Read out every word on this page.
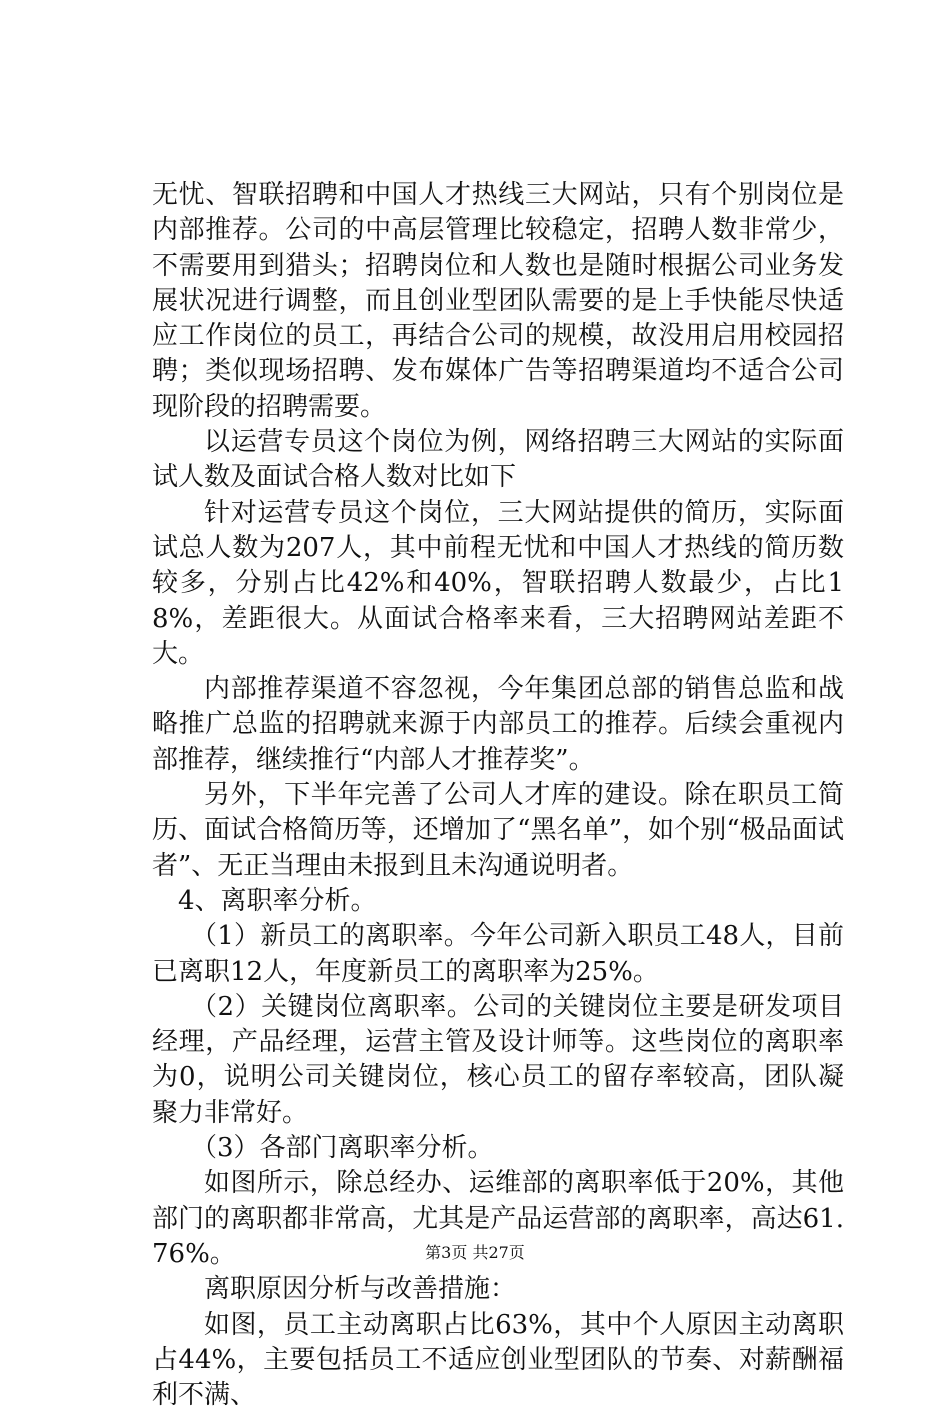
无忧、智联招聘和中国人才热线三大网站，只有个别岗位是内部推荐。公司的中高层管理比较稳定，招聘人数非常少，不需要用到猎头；招聘岗位和人数也是随时根据公司业务发展状况进行调整，而且创业型团队需要的是上手快能尽快适应工作岗位的员工，再结合公司的规模，故没用启用校园招聘；类似现场招聘、发布媒体广告等招聘渠道均不适合公司现阶段的招聘需要。

以运营专员这个岗位为例，网络招聘三大网站的实际面试人数及面试合格人数对比如下

针对运营专员这个岗位，三大网站提供的简历，实际面试总人数为207人，其中前程无忧和中国人才热线的简历数较多，分别占比42%和40%，智联招聘人数最少，占比18%，差距很大。从面试合格率来看，三大招聘网站差距不大。

内部推荐渠道不容忽视，今年集团总部的销售总监和战略推广总监的招聘就来源于内部员工的推荐。后续会重视内部推荐，继续推行“内部人才推荐奖”。

另外，下半年完善了公司人才库的建设。除在职员工简历、面试合格简历等，还增加了“黑名单”，如个别“极品面试者”、无正当理由未报到且未沟通说明者。

4、离职率分析。

（1）新员工的离职率。今年公司新入职员工48人，目前已离职12人，年度新员工的离职率为25%。

（2）关键岗位离职率。公司的关键岗位主要是研发项目经理，产品经理，运营主管及设计师等。这些岗位的离职率为0，说明公司关键岗位，核心员工的留存率较高，团队凝聚力非常好。

（3）各部门离职率分析。

如图所示，除总经办、运维部的离职率低于20%，其他部门的离职都非常高，尤其是产品运营部的离职率，高达61.76%。

离职原因分析与改善措施：

如图，员工主动离职占比63%，其中个人原因主动离职占44%，主要包括员工不适应创业型团队的节奏、对薪酬福利不满、

第3页 共27页
